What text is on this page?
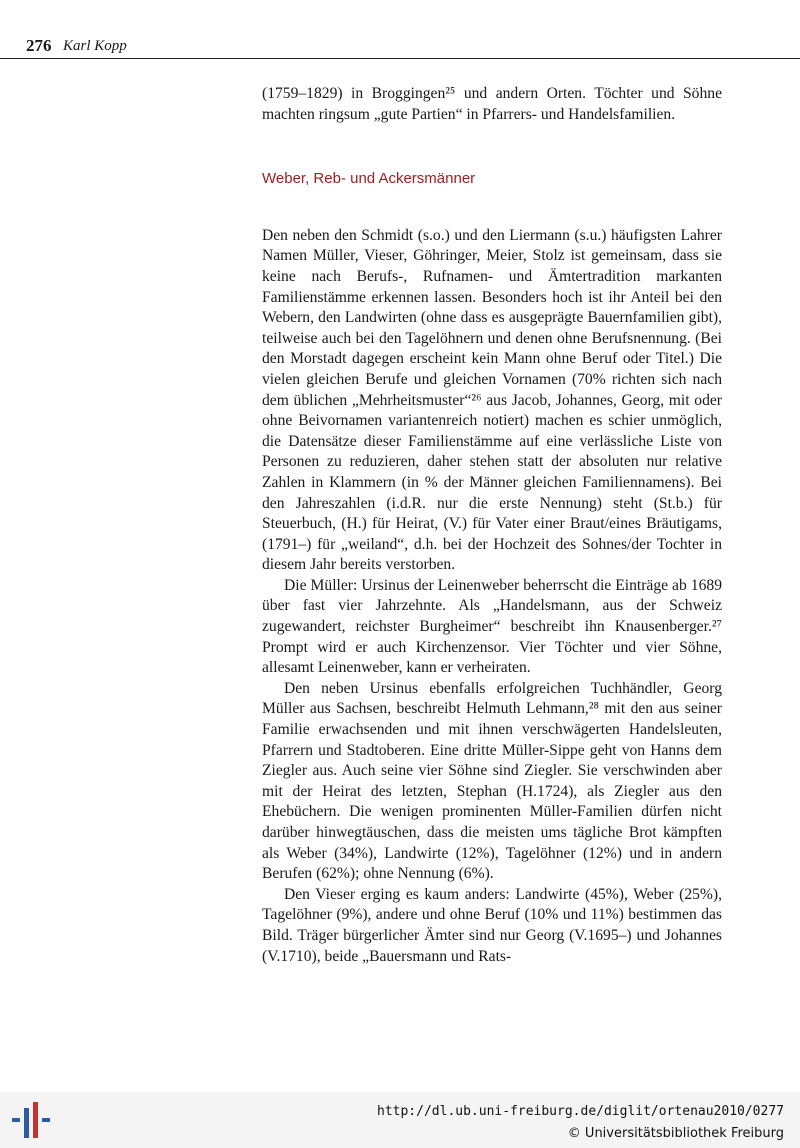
276 Karl Kopp

(1759–1829) in Broggingen²⁵ und andern Orten. Töchter und Söhne machten ringsum „gute Partien“ in Pfarrers- und Handelsfamilien.

Weber, Reb- und Ackersmänner

Den neben den Schmidt (s.o.) und den Liermann (s.u.) häufigsten Lahrer Namen Müller, Vieser, Göhringer, Meier, Stolz ist gemeinsam, dass sie keine nach Berufs-, Rufnamen- und Ämtertradition markanten Familienstämme erkennen lassen. Besonders hoch ist ihr Anteil bei den Webern, den Landwirten (ohne dass es ausgeprägte Bauernfamilien gibt), teilweise auch bei den Tagelöhnern und denen ohne Berufsnennung. (Bei den Morstadt dagegen erscheint kein Mann ohne Beruf oder Titel.) Die vielen gleichen Berufe und gleichen Vornamen (70% richten sich nach dem üblichen „Mehrheitsmuster“²⁶ aus Jacob, Johannes, Georg, mit oder ohne Beivornamen variantenreich notiert) machen es schier unmöglich, die Datensätze dieser Familienstämme auf eine verlässliche Liste von Personen zu reduzieren, daher stehen statt der absoluten nur relative Zahlen in Klammern (in % der Männer gleichen Familiennamens). Bei den Jahreszahlen (i.d.R. nur die erste Nennung) steht (St.b.) für Steuerbuch, (H.) für Heirat, (V.) für Vater einer Braut/eines Bräutigams, (1791–) für „weiland“, d.h. bei der Hochzeit des Sohnes/der Tochter in diesem Jahr bereits verstorben.

Die Müller: Ursinus der Leinenweber beherrscht die Einträge ab 1689 über fast vier Jahrzehnte. Als „Handelsmann, aus der Schweiz zugewandert, reichster Burgheimer“ beschreibt ihn Knausenberger.²⁷ Prompt wird er auch Kirchenzensor. Vier Töchter und vier Söhne, allesamt Leinenweber, kann er verheiraten.

Den neben Ursinus ebenfalls erfolgreichen Tuchhändler, Georg Müller aus Sachsen, beschreibt Helmuth Lehmann,²⁸ mit den aus seiner Familie erwachsenden und mit ihnen verschwägerten Handelsleuten, Pfarrern und Stadtoberen. Eine dritte Müller-Sippe geht von Hanns dem Ziegler aus. Auch seine vier Söhne sind Ziegler. Sie verschwinden aber mit der Heirat des letzten, Stephan (H.1724), als Ziegler aus den Ehebüchern. Die wenigen prominenten Müller-Familien dürfen nicht darüber hinwegtäuschen, dass die meisten ums tägliche Brot kämpften als Weber (34%), Landwirte (12%), Tagelöhner (12%) und in andern Berufen (62%); ohne Nennung (6%).

Den Vieser erging es kaum anders: Landwirte (45%), Weber (25%), Tagelöhner (9%), andere und ohne Beruf (10% und 11%) bestimmen das Bild. Träger bürgerlicher Ämter sind nur Georg (V.1695–) und Johannes (V.1710), beide „Bauersmann und Rats-

http://dl.ub.uni-freiburg.de/diglit/ortenau2010/0277
© Universitätsbibliothek Freiburg
